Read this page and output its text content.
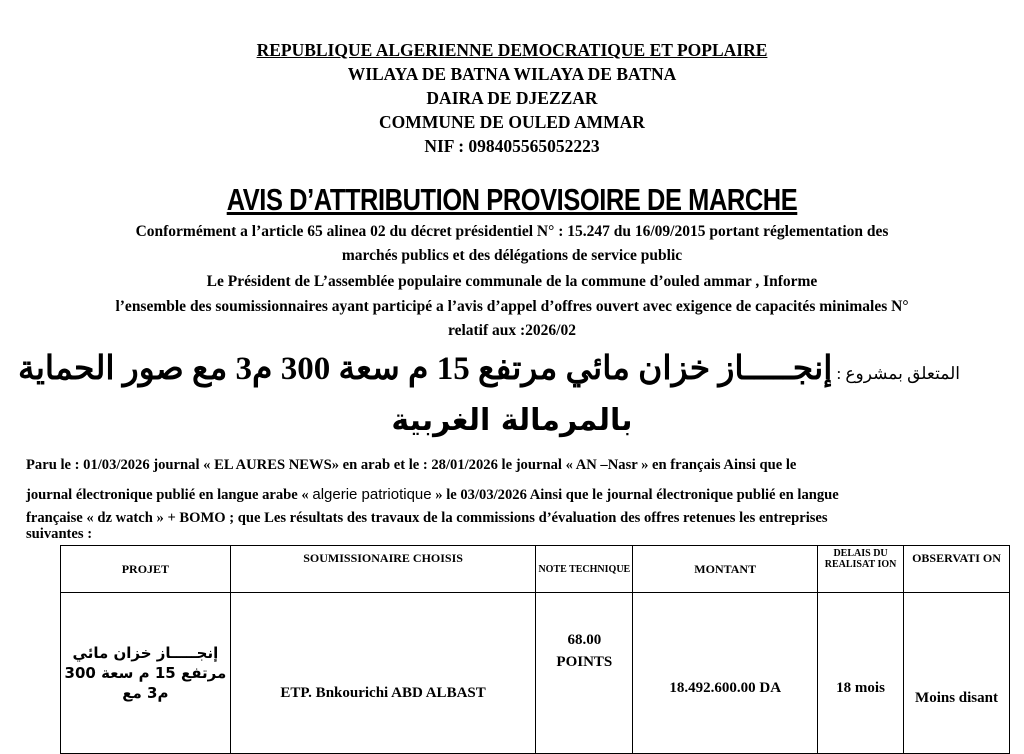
REPUBLIQUE ALGERIENNE DEMOCRATIQUE ET POPLAIRE
WILAYA DE BATNA WILAYA DE BATNA
DAIRA DE DJEZZAR
COMMUNE DE OULED AMMAR
NIF : 098405565052223
AVIS D’ATTRIBUTION PROVISOIRE DE MARCHE
Conformément a l’article 65 alinea 02 du décret présidentiel N° : 15.247 du 16/09/2015 portant réglementation des
marchés publics et des délégations de service public
Le Président de L’assemblée populaire communale de la commune d’ouled ammar , Informe
l’ensemble des soumissionnaires ayant participé a l’avis d’appel d’offres ouvert avec exigence de capacités minimales N°
relatif aux :2026/02
المتعلق بمشروع : إنجـــــاز خزان مائي مرتفع 15 م سعة 300 م3 مع صور الحماية
بالمرمالة الغربية
Paru le : 01/03/2026 journal « EL AURES NEWS» en arab et le : 28/01/2026 le journal « AN –Nasr » en français Ainsi que le
journal électronique publié en langue arabe « algerie patriotique » le 03/03/2026 Ainsi que le journal électronique publié en langue
française « dz watch » + BOMO ; que Les résultats des travaux de la commissions d’évaluation des offres retenues les entreprises
suivantes :
PROJET	SOUMISSIONAIRE CHOISIS	NOTE TECHNIQUE	MONTANT	DELAIS DU REALISAT ION	OBSERVATI ON
إنجـــــاز خزان مائي مرتفع 15 م سعة 300 م3 مع	ETP. Bnkourichi ABD ALBAST	68.00 POINTS	18.492.600.00 DA	18 mois	Moins disant
